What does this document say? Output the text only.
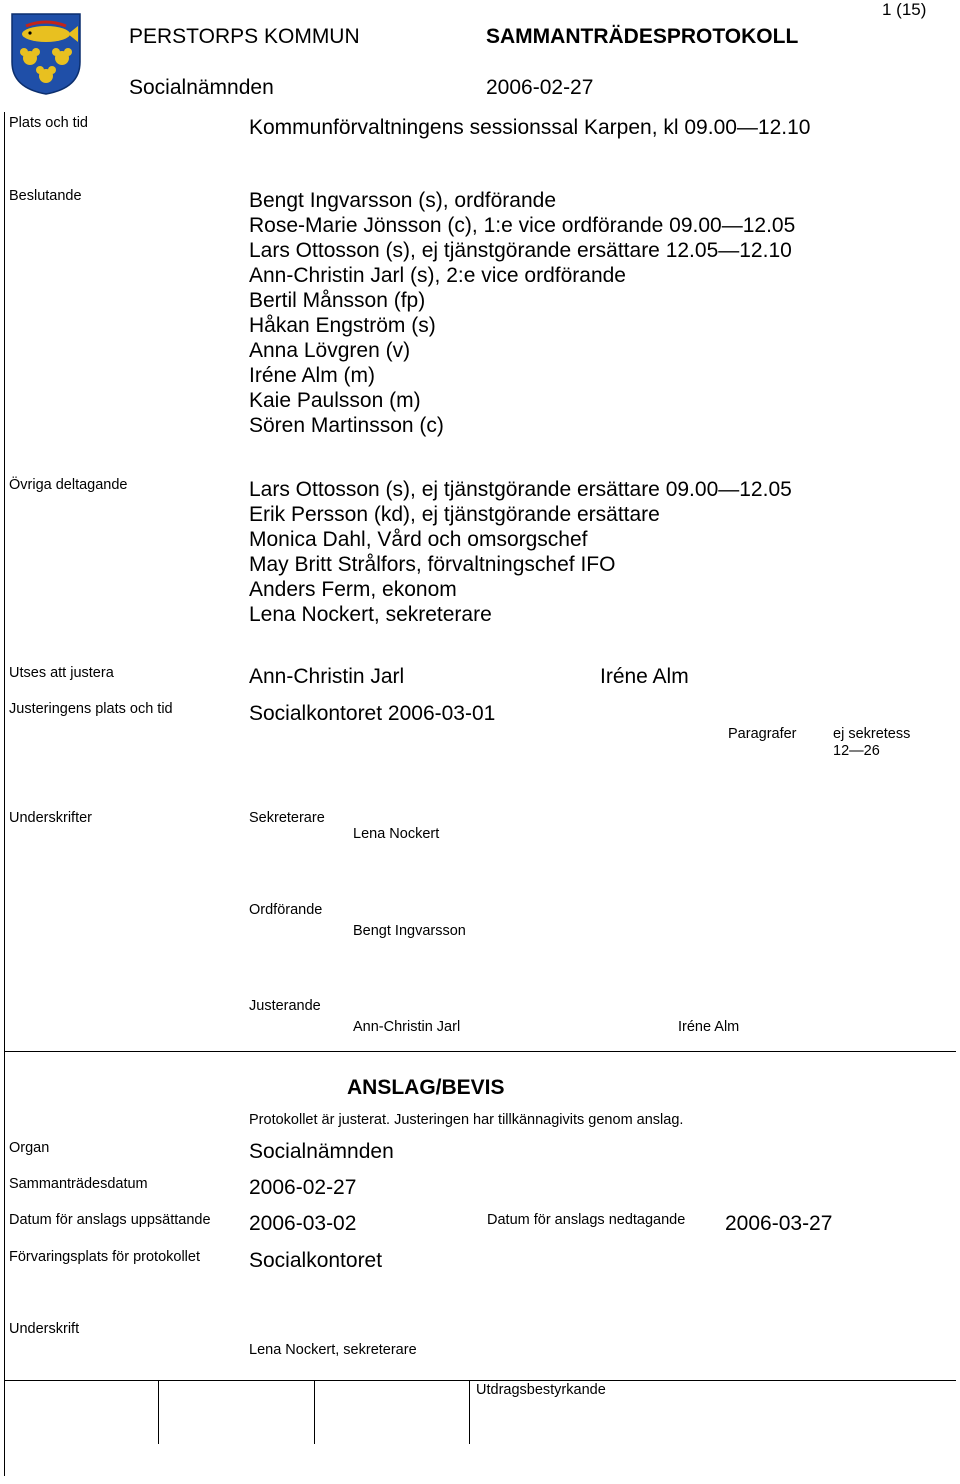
PERSTORPS KOMMUN	SAMMANTRÄDESPROTOKOLL
1 (15)
Socialnämnden	2006-02-27
Plats och tid	Kommunförvaltningens sessionssal Karpen, kl 09.00—12.10
Beslutande	Bengt Ingvarsson (s), ordförande
Rose-Marie Jönsson (c), 1:e vice ordförande 09.00—12.05
Lars Ottosson (s), ej tjänstgörande ersättare 12.05—12.10
Ann-Christin Jarl (s), 2:e vice ordförande
Bertil Månsson (fp)
Håkan Engström (s)
Anna Lövgren (v)
Iréne Alm (m)
Kaie Paulsson (m)
Sören Martinsson (c)
Övriga deltagande	Lars Ottosson (s), ej tjänstgörande ersättare 09.00—12.05
Erik Persson (kd), ej tjänstgörande ersättare
Monica Dahl, Vård och omsorgschef
May Britt Strålfors, förvaltningschef IFO
Anders Ferm, ekonom
Lena Nockert, sekreterare
Utses att justera	Ann-Christin Jarl	Iréne Alm
Justeringens plats och tid	Socialkontoret 2006-03-01
Paragrafer	ej sekretess
12—26
Underskrifter	Sekreterare
Lena Nockert
Ordförande
Bengt Ingvarsson
Justerande
Ann-Christin Jarl	Iréne Alm
ANSLAG/BEVIS
Protokollet är justerat. Justeringen har tillkännagivits genom anslag.
Organ	Socialnämnden
Sammanträdesdatum	2006-02-27
Datum för anslags uppsättande 2006-03-02	Datum för anslags nedtagande 2006-03-27
Förvaringsplats för protokollet Socialkontoret
Underskrift
Lena Nockert, sekreterare
Utdragsbestyrkande
